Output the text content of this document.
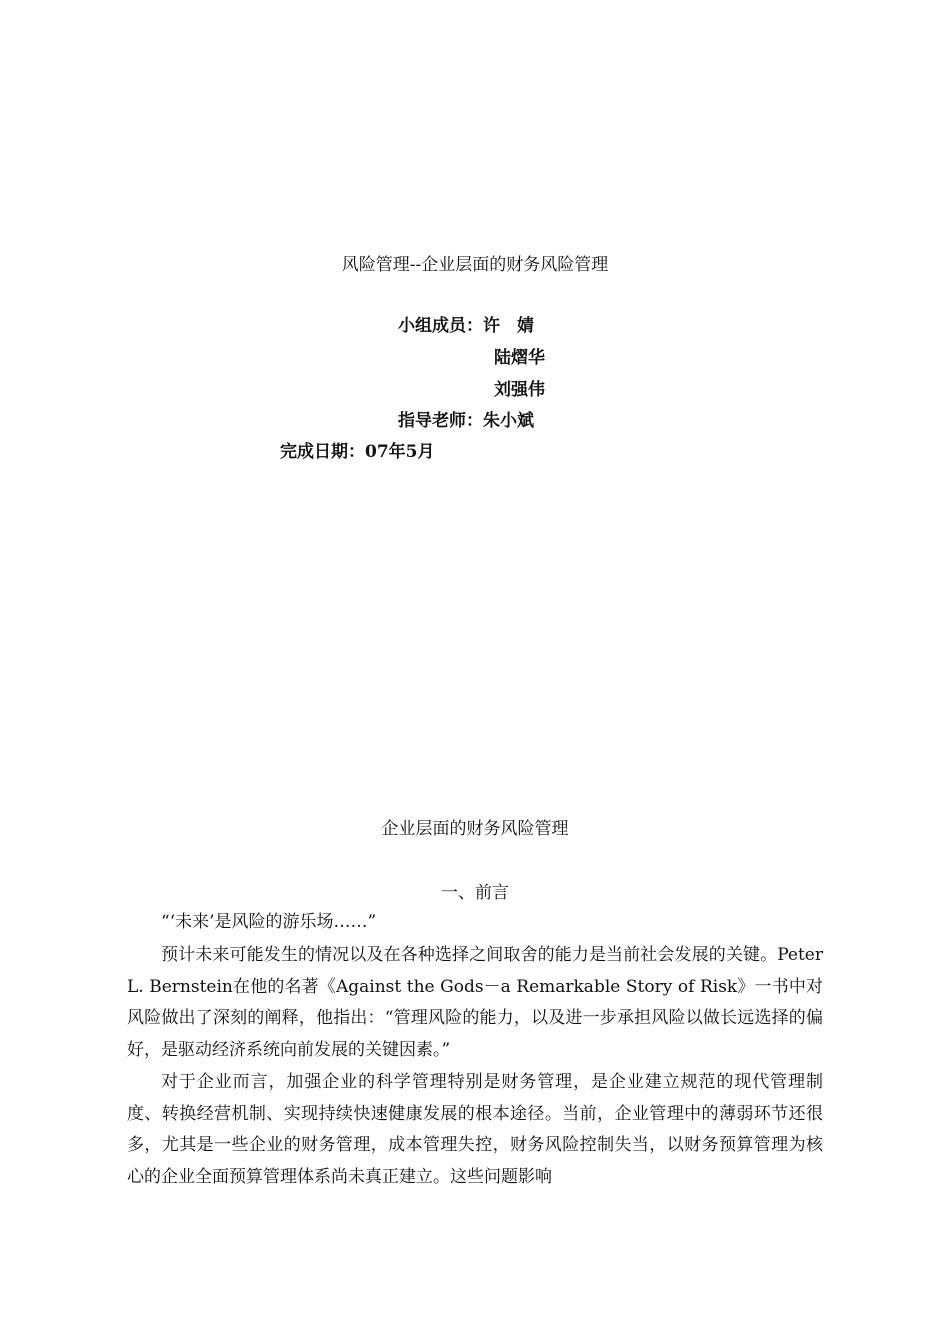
风险管理--企业层面的财务风险管理
小组成员：许　婧
陆熠华
刘强伟
指导老师：朱小斌
完成日期：07年5月
企业层面的财务风险管理
一、前言
“‘未来’是风险的游乐场……”
预计未来可能发生的情况以及在各种选择之间取舍的能力是当前社会发展的关键。Peter L. Bernstein在他的名著《Against the Gods－a Remarkable Story of Risk》一书中对风险做出了深刻的阐释，他指出：“管理风险的能力，以及进一步承担风险以做长远选择的偏好，是驱动经济系统向前发展的关键因素。”
对于企业而言，加强企业的科学管理特别是财务管理，是企业建立规范的现代管理制度、转换经营机制、实现持续快速健康发展的根本途径。当前，企业管理中的薄弱环节还很多，尤其是一些企业的财务管理，成本管理失控，财务风险控制失当，以财务预算管理为核心的企业全面预算管理体系尚未真正建立。这些问题影响
